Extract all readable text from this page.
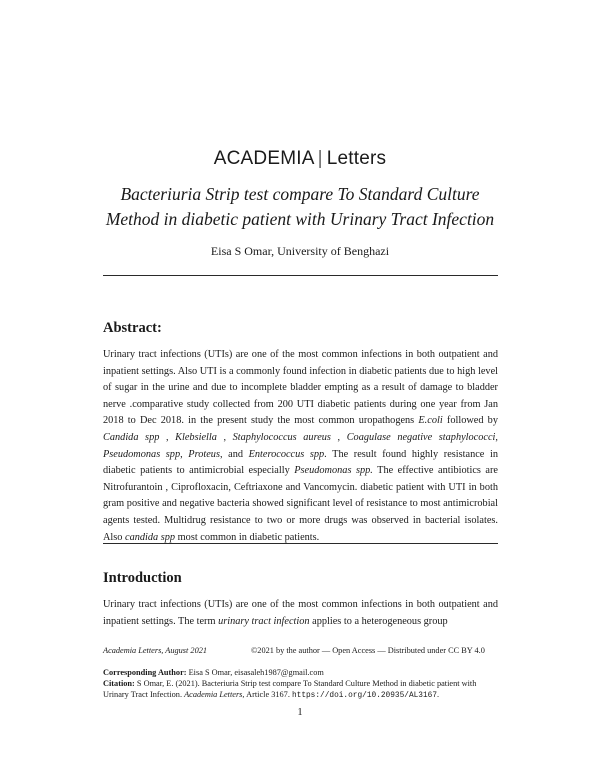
ACADEMIA | Letters
Bacteriuria Strip test compare To Standard Culture
Method in diabetic patient with Urinary Tract Infection
Eisa S Omar, University of Benghazi
Abstract:
Urinary tract infections (UTIs) are one of the most common infections in both outpatient and inpatient settings. Also UTI is a commonly found infection in diabetic patients due to high level of sugar in the urine and due to incomplete bladder empting as a result of damage to bladder nerve .comparative study collected from 200 UTI diabetic patients during one year from Jan 2018 to Dec 2018. in the present study the most common uropathogens E.coli followed by Candida spp , Klebsiella , Staphylococcus aureus , Coagulase negative staphylococci, Pseudomonas spp, Proteus, and Enterococcus spp. The result found highly resistance in diabetic patients to antimicrobial especially Pseudomonas spp. The effective antibiotics are Nitrofurantoin , Ciprofloxacin, Ceftriaxone and Vancomycin. diabetic patient with UTI in both gram positive and negative bacteria showed significant level of resistance to most antimicrobial agents tested. Multidrug resistance to two or more drugs was observed in bacterial isolates. Also candida spp most common in diabetic patients.
Introduction
Urinary tract infections (UTIs) are one of the most common infections in both outpatient and inpatient settings. The term urinary tract infection applies to a heterogeneous group
Academia Letters, August 2021	©2021 by the author — Open Access — Distributed under CC BY 4.0
Corresponding Author: Eisa S Omar, eisasaleh1987@gmail.com
Citation: S Omar, E. (2021). Bacteriuria Strip test compare To Standard Culture Method in diabetic patient with Urinary Tract Infection. Academia Letters, Article 3167. https://doi.org/10.20935/AL3167.
1
